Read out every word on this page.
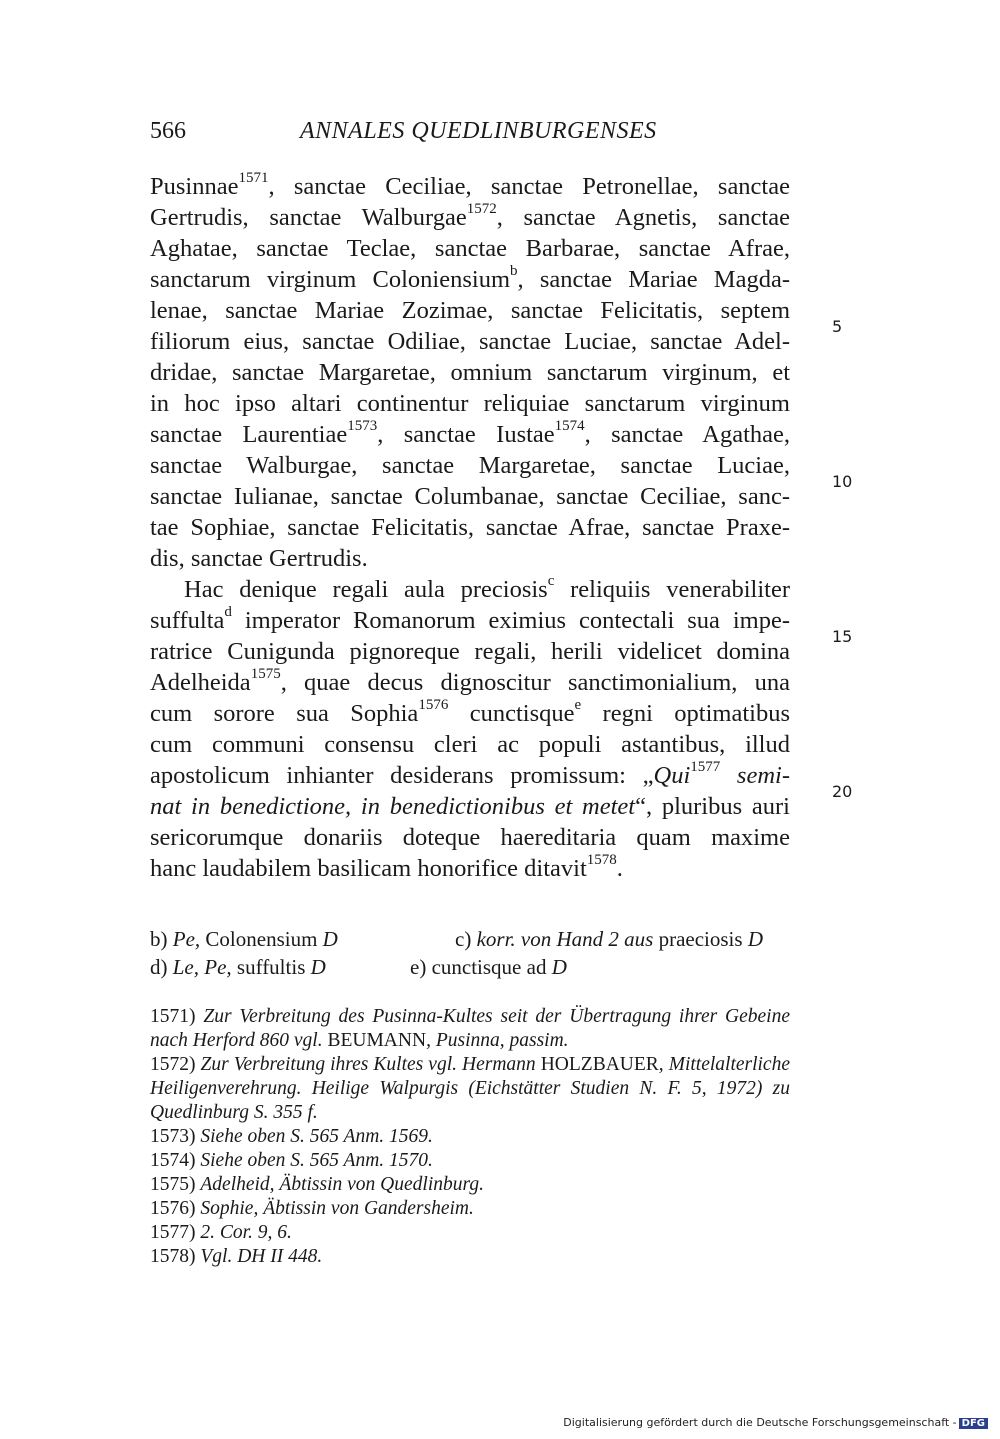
566	ANNALES QUEDLINBURGENSES
Pusinnae$^{1571}$, sanctae Ceciliae, sanctae Petronellae, sanctae
Gertrudis, sanctae Walburgae$^{1572}$, sanctae Agnetis, sanctae
Aghatae, sanctae Teclae, sanctae Barbarae, sanctae Afrae,
sanctarum virginum Coloniensium$^b$, sanctae Mariae Magda-
lenae, sanctae Mariae Zozimae, sanctae Felicitatis, septem
filiorum eius, sanctae Odiliae, sanctae Luciae, sanctae Adel-
dridae, sanctae Margaretae, omnium sanctarum virginum, et
in hoc ipso altari continentur reliquiae sanctarum virginum
sanctae Laurentiae$^{1573}$, sanctae Iustae$^{1574}$, sanctae Agathae,
sanctae Walburgae, sanctae Margaretae, sanctae Luciae,
sanctae Iulianae, sanctae Columbanae, sanctae Ceciliae, sanc-
tae Sophiae, sanctae Felicitatis, sanctae Afrae, sanctae Praxe-
dis, sanctae Gertrudis.
Hac denique regali aula preciosis$^c$ reliquiis venerabiliter
suffulta$^d$ imperator Romanorum eximius contectali sua impe-
ratrice Cunigunda pignoreque regali, herili videlicet domina
Adelheida$^{1575}$, quae decus dignoscitur sanctimonialium, una
cum sorore sua Sophia$^{1576}$ cunctisque$^e$ regni optimatibus
cum communi consensu cleri ac populi astantibus, illud
apostolicum inhianter desiderans promissum: „Qui$^{1577}$ semi-
nat in benedictione, in benedictionibus et metet“, pluribus auri
sericorumque donariis doteque haereditaria quam maxime
hanc laudabilem basilicam honorifice ditavit$^{1578}$.
5
10
15
20
b) Pe, Colonensium D	c) korr. von Hand 2 aus praeciosis D
d) Le, Pe, suffultis D	e) cunctisque ad D
1571) Zur Verbreitung des Pusinna-Kultes seit der Übertragung ihrer Gebeine nach Herford 860 vgl. BEUMANN, Pusinna, passim.
1572) Zur Verbreitung ihres Kultes vgl. Hermann HOLZBAUER, Mittelalterliche Heiligenverehrung. Heilige Walpurgis (Eichstätter Studien N. F. 5, 1972) zu Quedlinburg S. 355 f.
1573) Siehe oben S. 565 Anm. 1569.
1574) Siehe oben S. 565 Anm. 1570.
1575) Adelheid, Äbtissin von Quedlinburg.
1576) Sophie, Äbtissin von Gandersheim.
1577) 2. Cor. 9, 6.
1578) Vgl. DH II 448.
Digitalisierung gefördert durch die Deutsche Forschungsgemeinschaft - DFG
